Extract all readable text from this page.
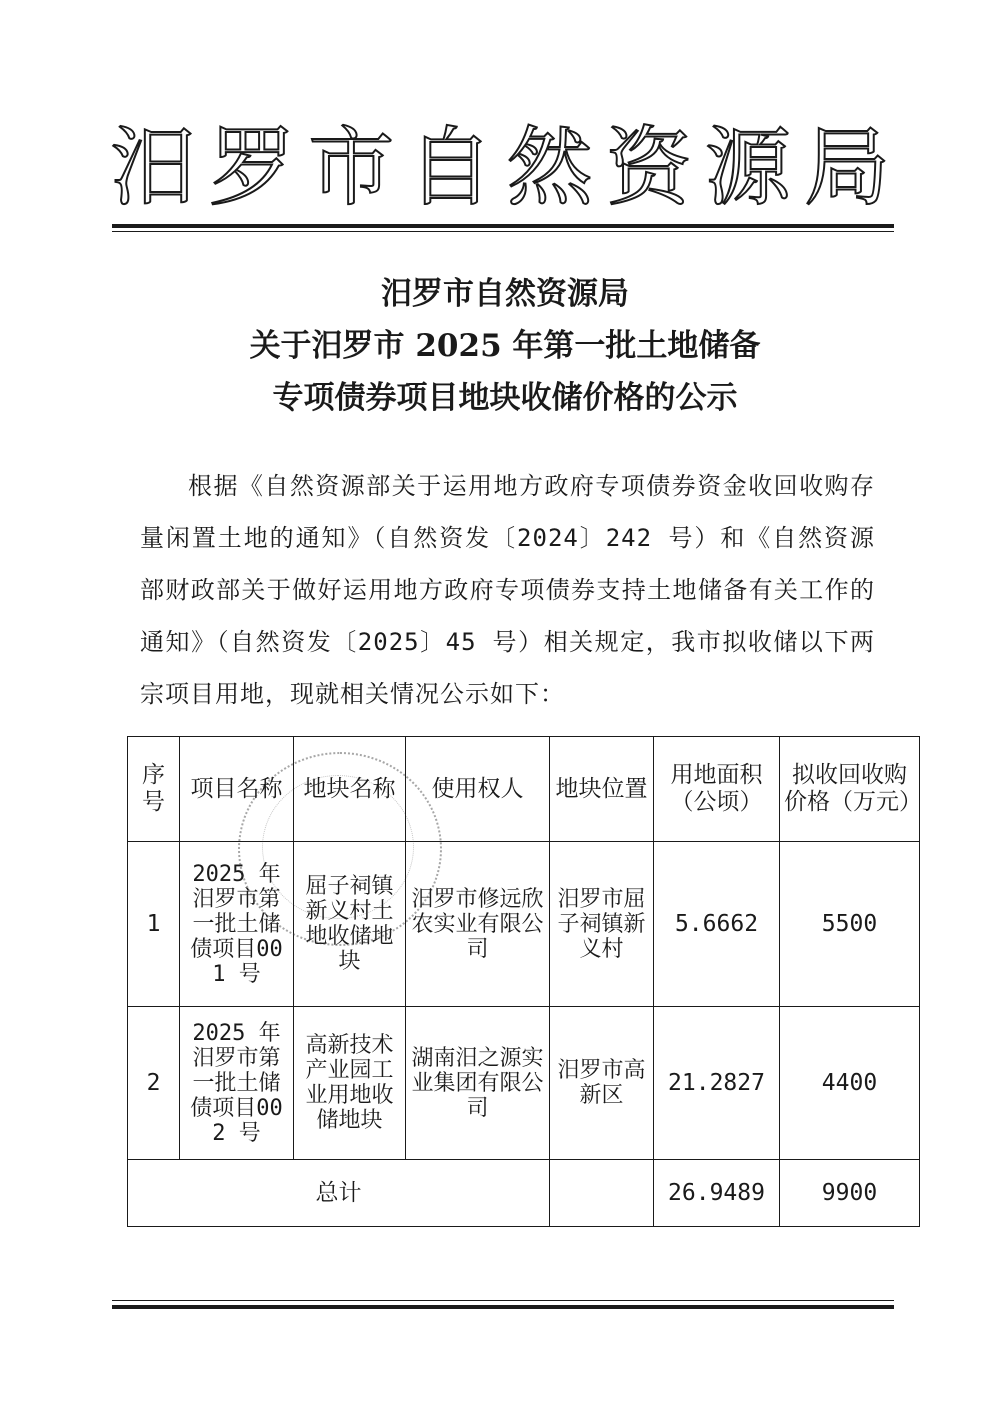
汨 罗 市 自 然 资 源 局
汨罗市自然资源局
关于汨罗市 2025 年第一批土地储备
专项债券项目地块收储价格的公示
根据《自然资源部关于运用地方政府专项债券资金收回收购存量闲置土地的通知》（自然资发〔2024〕242 号）和《自然资源部财政部关于做好运用地方政府专项债券支持土地储备有关工作的通知》（自然资发〔2025〕45 号）相关规定，我市拟收储以下两宗项目用地，现就相关情况公示如下：
序号	项目名称	地块名称	使用权人	地块位置	用地面积（公顷）	拟收回收购价格（万元）
1	2025 年汨罗市第一批土储债项目001 号	屈子祠镇新义村土地收储地块	汨罗市修远欣农实业有限公司	汨罗市屈子祠镇新义村	5.6662	5500
2	2025 年汨罗市第一批土储债项目002 号	高新技术产业园工业用地收储地块	湖南汨之源实业集团有限公司	汨罗市高新区	21.2827	4400
总计					26.9489	9900
